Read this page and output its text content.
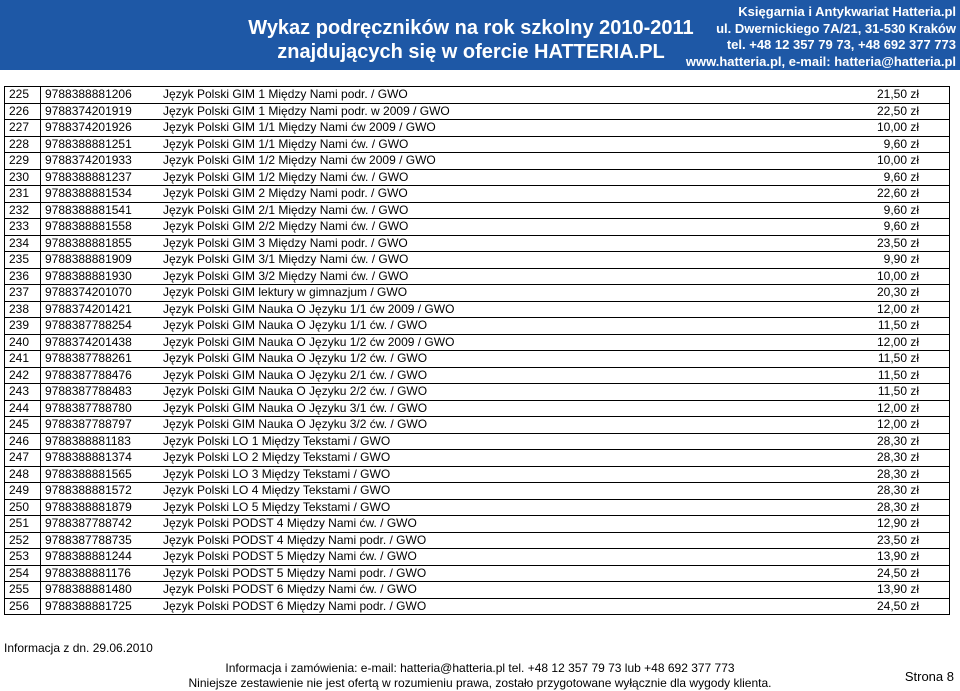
Wykaz podręczników na rok szkolny 2010-2011
znajdujących się w ofercie HATTERIA.PL
Księgarnia i Antykwariat Hatteria.pl
ul. Dwernickiego 7A/21, 31-530 Kraków
tel. +48 12 357 79 73, +48 692 377 773
www.hatteria.pl, e-mail: hatteria@hatteria.pl
225	9788388881206	Język Polski GIM 1 Między Nami podr. / GWO	21,50 zł
226	9788374201919	Język Polski GIM 1 Między Nami podr. w 2009 / GWO	22,50 zł
227	9788374201926	Język Polski GIM 1/1 Między Nami ćw 2009 / GWO	10,00 zł
228	9788388881251	Język Polski GIM 1/1 Między Nami ćw. / GWO	9,60 zł
229	9788374201933	Język Polski GIM 1/2 Między Nami ćw 2009 / GWO	10,00 zł
230	9788388881237	Język Polski GIM 1/2 Między Nami ćw. / GWO	9,60 zł
231	9788388881534	Język Polski GIM 2 Między Nami podr. / GWO	22,60 zł
232	9788388881541	Język Polski GIM 2/1 Między Nami ćw. / GWO	9,60 zł
233	9788388881558	Język Polski GIM 2/2 Między Nami ćw. / GWO	9,60 zł
234	9788388881855	Język Polski GIM 3 Między Nami podr. / GWO	23,50 zł
235	9788388881909	Język Polski GIM 3/1 Między Nami ćw. / GWO	9,90 zł
236	9788388881930	Język Polski GIM 3/2 Między Nami ćw. / GWO	10,00 zł
237	9788374201070	Język Polski GIM lektury w gimnazjum / GWO	20,30 zł
238	9788374201421	Język Polski GIM Nauka O Języku 1/1 ćw 2009 / GWO	12,00 zł
239	9788387788254	Język Polski GIM Nauka O Języku 1/1 ćw. / GWO	11,50 zł
240	9788374201438	Język Polski GIM Nauka O Języku 1/2 ćw 2009 / GWO	12,00 zł
241	9788387788261	Język Polski GIM Nauka O Języku 1/2 ćw. / GWO	11,50 zł
242	9788387788476	Język Polski GIM Nauka O Języku 2/1 ćw. / GWO	11,50 zł
243	9788387788483	Język Polski GIM Nauka O Języku 2/2 ćw. / GWO	11,50 zł
244	9788387788780	Język Polski GIM Nauka O Języku 3/1 ćw. / GWO	12,00 zł
245	9788387788797	Język Polski GIM Nauka O Języku 3/2 ćw. / GWO	12,00 zł
246	9788388881183	Język Polski LO 1 Między Tekstami / GWO	28,30 zł
247	9788388881374	Język Polski LO 2 Między Tekstami / GWO	28,30 zł
248	9788388881565	Język Polski LO 3 Między Tekstami / GWO	28,30 zł
249	9788388881572	Język Polski LO 4 Między Tekstami / GWO	28,30 zł
250	9788388881879	Język Polski LO 5 Między Tekstami / GWO	28,30 zł
251	9788387788742	Język Polski PODST 4 Między Nami ćw. / GWO	12,90 zł
252	9788387788735	Język Polski PODST 4 Między Nami podr. / GWO	23,50 zł
253	9788388881244	Język Polski PODST 5 Między Nami ćw. / GWO	13,90 zł
254	9788388881176	Język Polski PODST 5 Między Nami podr. / GWO	24,50 zł
255	9788388881480	Język Polski PODST 6 Między Nami ćw. / GWO	13,90 zł
256	9788388881725	Język Polski PODST 6 Między Nami podr. / GWO	24,50 zł
Informacja z dn. 29.06.2010
Informacja i zamówienia: e-mail: hatteria@hatteria.pl tel. +48 12 357 79 73 lub +48 692 377 773
Niniejsze zestawienie nie jest ofertą w rozumieniu prawa, zostało przygotowane wyłącznie dla wygody klienta.	Strona 8
